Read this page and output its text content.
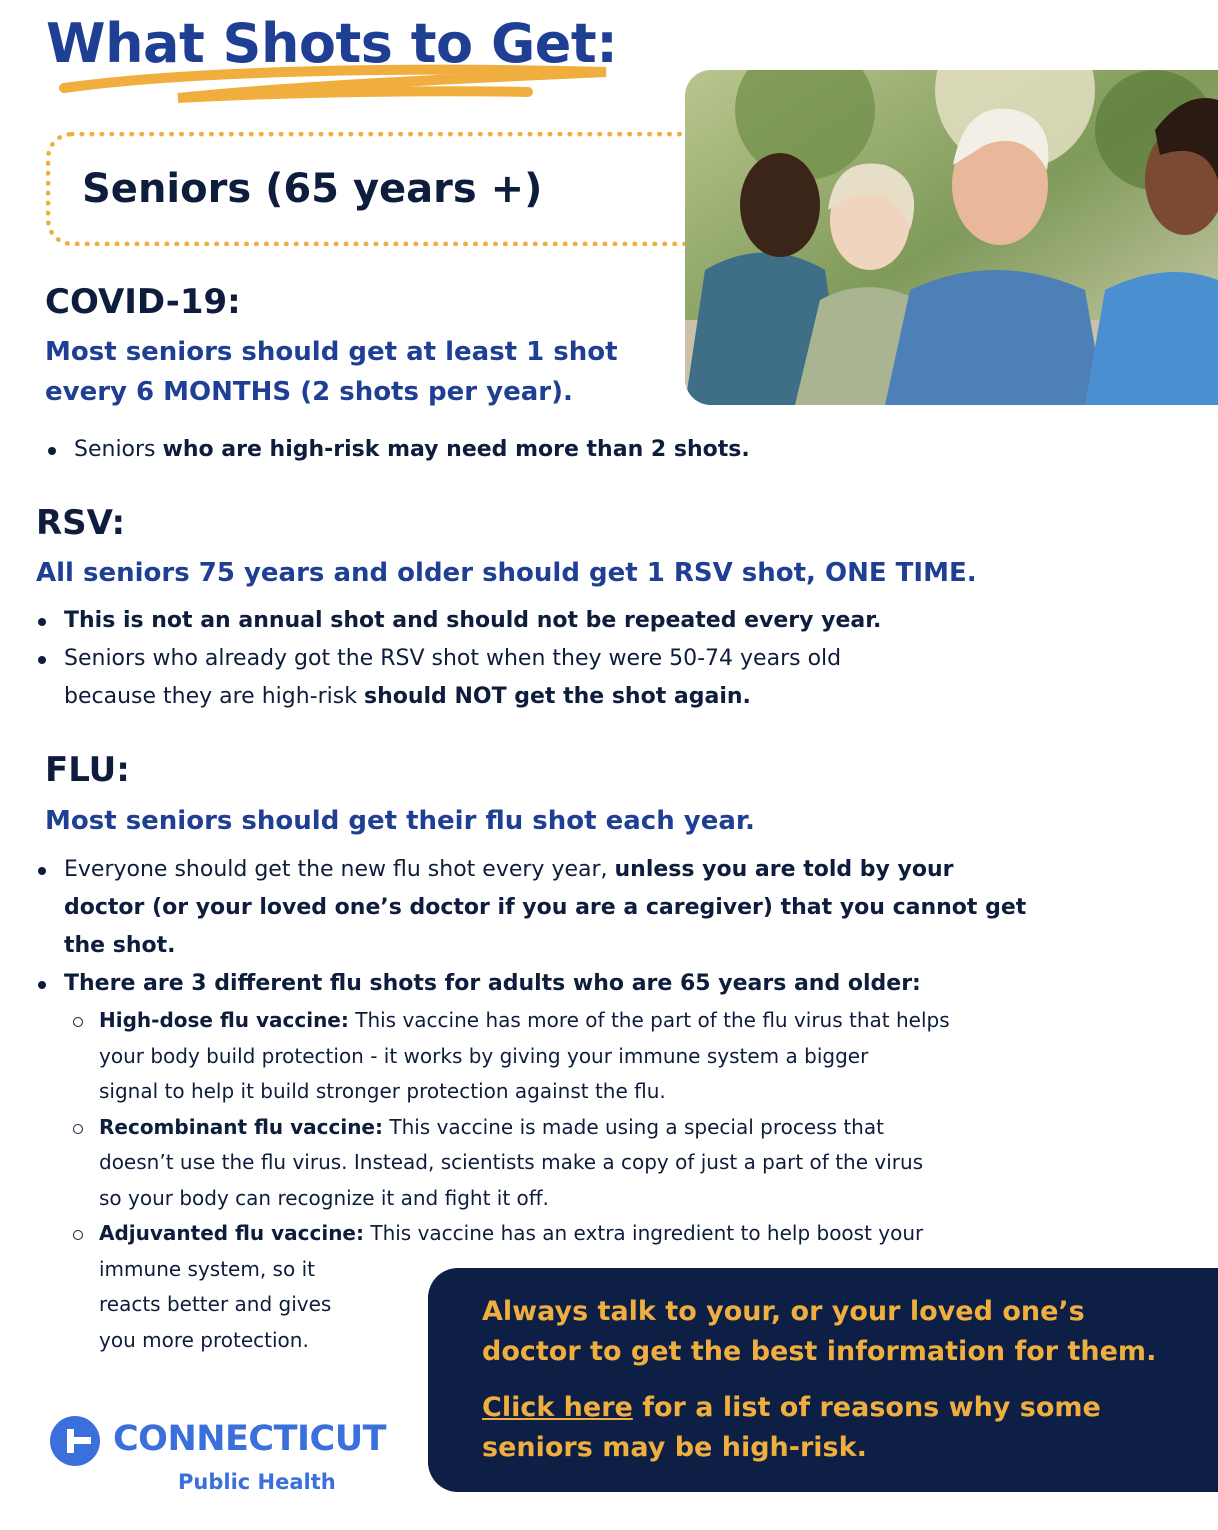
What Shots to Get:
Seniors (65 years +)
COVID-19:
Most seniors should get at least 1 shot
every 6 MONTHS (2 shots per year).
Seniors who are high-risk may need more than 2 shots.
RSV:
All seniors 75 years and older should get 1 RSV shot, ONE TIME.
This is not an annual shot and should not be repeated every year.
Seniors who already got the RSV shot when they were 50-74 years old
because they are high-risk should NOT get the shot again.
FLU:
Most seniors should get their flu shot each year.
Everyone should get the new flu shot every year, unless you are told by your
doctor (or your loved one’s doctor if you are a caregiver) that you cannot get
the shot.
There are 3 different flu shots for adults who are 65 years and older:
High-dose flu vaccine: This vaccine has more of the part of the flu virus that helps
your body build protection - it works by giving your immune system a bigger
signal to help it build stronger protection against the flu.
Recombinant flu vaccine: This vaccine is made using a special process that
doesn’t use the flu virus. Instead, scientists make a copy of just a part of the virus
so your body can recognize it and fight it off.
Adjuvanted flu vaccine: This vaccine has an extra ingredient to help boost your
immune system, so it
reacts better and gives
you more protection.
Always talk to your, or your loved one’s
doctor to get the best information for them.
Click here for a list of reasons why some
seniors may be high-risk.
CONNECTICUT
Public Health
